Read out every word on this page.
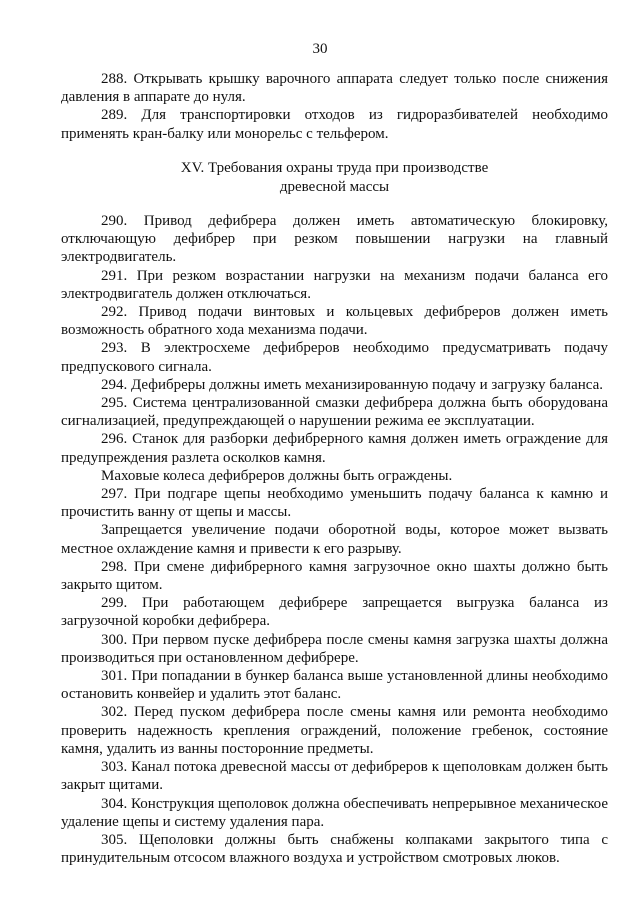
30

288. Открывать крышку варочного аппарата следует только после снижения давления в аппарате до нуля.

289. Для транспортировки отходов из гидроразбивателей необходимо применять кран-балку или монорельс с тельфером.

XV. Требования охраны труда при производстве
древесной массы

290. Привод дефибрера должен иметь автоматическую блокировку, отключающую дефибрер при резком повышении нагрузки на главный электродвигатель.

291. При резком возрастании нагрузки на механизм подачи баланса его электродвигатель должен отключаться.

292. Привод подачи винтовых и кольцевых дефибреров должен иметь возможность обратного хода механизма подачи.

293. В электросхеме дефибреров необходимо предусматривать подачу предпускового сигнала.

294. Дефибреры должны иметь механизированную подачу и загрузку баланса.

295. Система централизованной смазки дефибрера должна быть оборудована сигнализацией, предупреждающей о нарушении режима ее эксплуатации.

296. Станок для разборки дефибрерного камня должен иметь ограждение для предупреждения разлета осколков камня.

Маховые колеса дефибреров должны быть ограждены.

297. При подгаре щепы необходимо уменьшить подачу баланса к камню и прочистить ванну от щепы и массы.

Запрещается увеличение подачи оборотной воды, которое может вызвать местное охлаждение камня и привести к его разрыву.

298. При смене дифибрерного камня загрузочное окно шахты должно быть закрыто щитом.

299. При работающем дефибрере запрещается выгрузка баланса из загрузочной коробки дефибрера.

300. При первом пуске дефибрера после смены камня загрузка шахты должна производиться при остановленном дефибрере.

301. При попадании в бункер баланса выше установленной длины необходимо остановить конвейер и удалить этот баланс.

302. Перед пуском дефибрера после смены камня или ремонта необходимо проверить надежность крепления ограждений, положение гребенок, состояние камня, удалить из ванны посторонние предметы.

303. Канал потока древесной массы от дефибреров к щеполовкам должен быть закрыт щитами.

304. Конструкция щеполовок должна обеспечивать непрерывное механическое удаление щепы и систему удаления пара.

305. Щеполовки должны быть снабжены колпаками закрытого типа с принудительным отсосом влажного воздуха и устройством смотровых люков.
